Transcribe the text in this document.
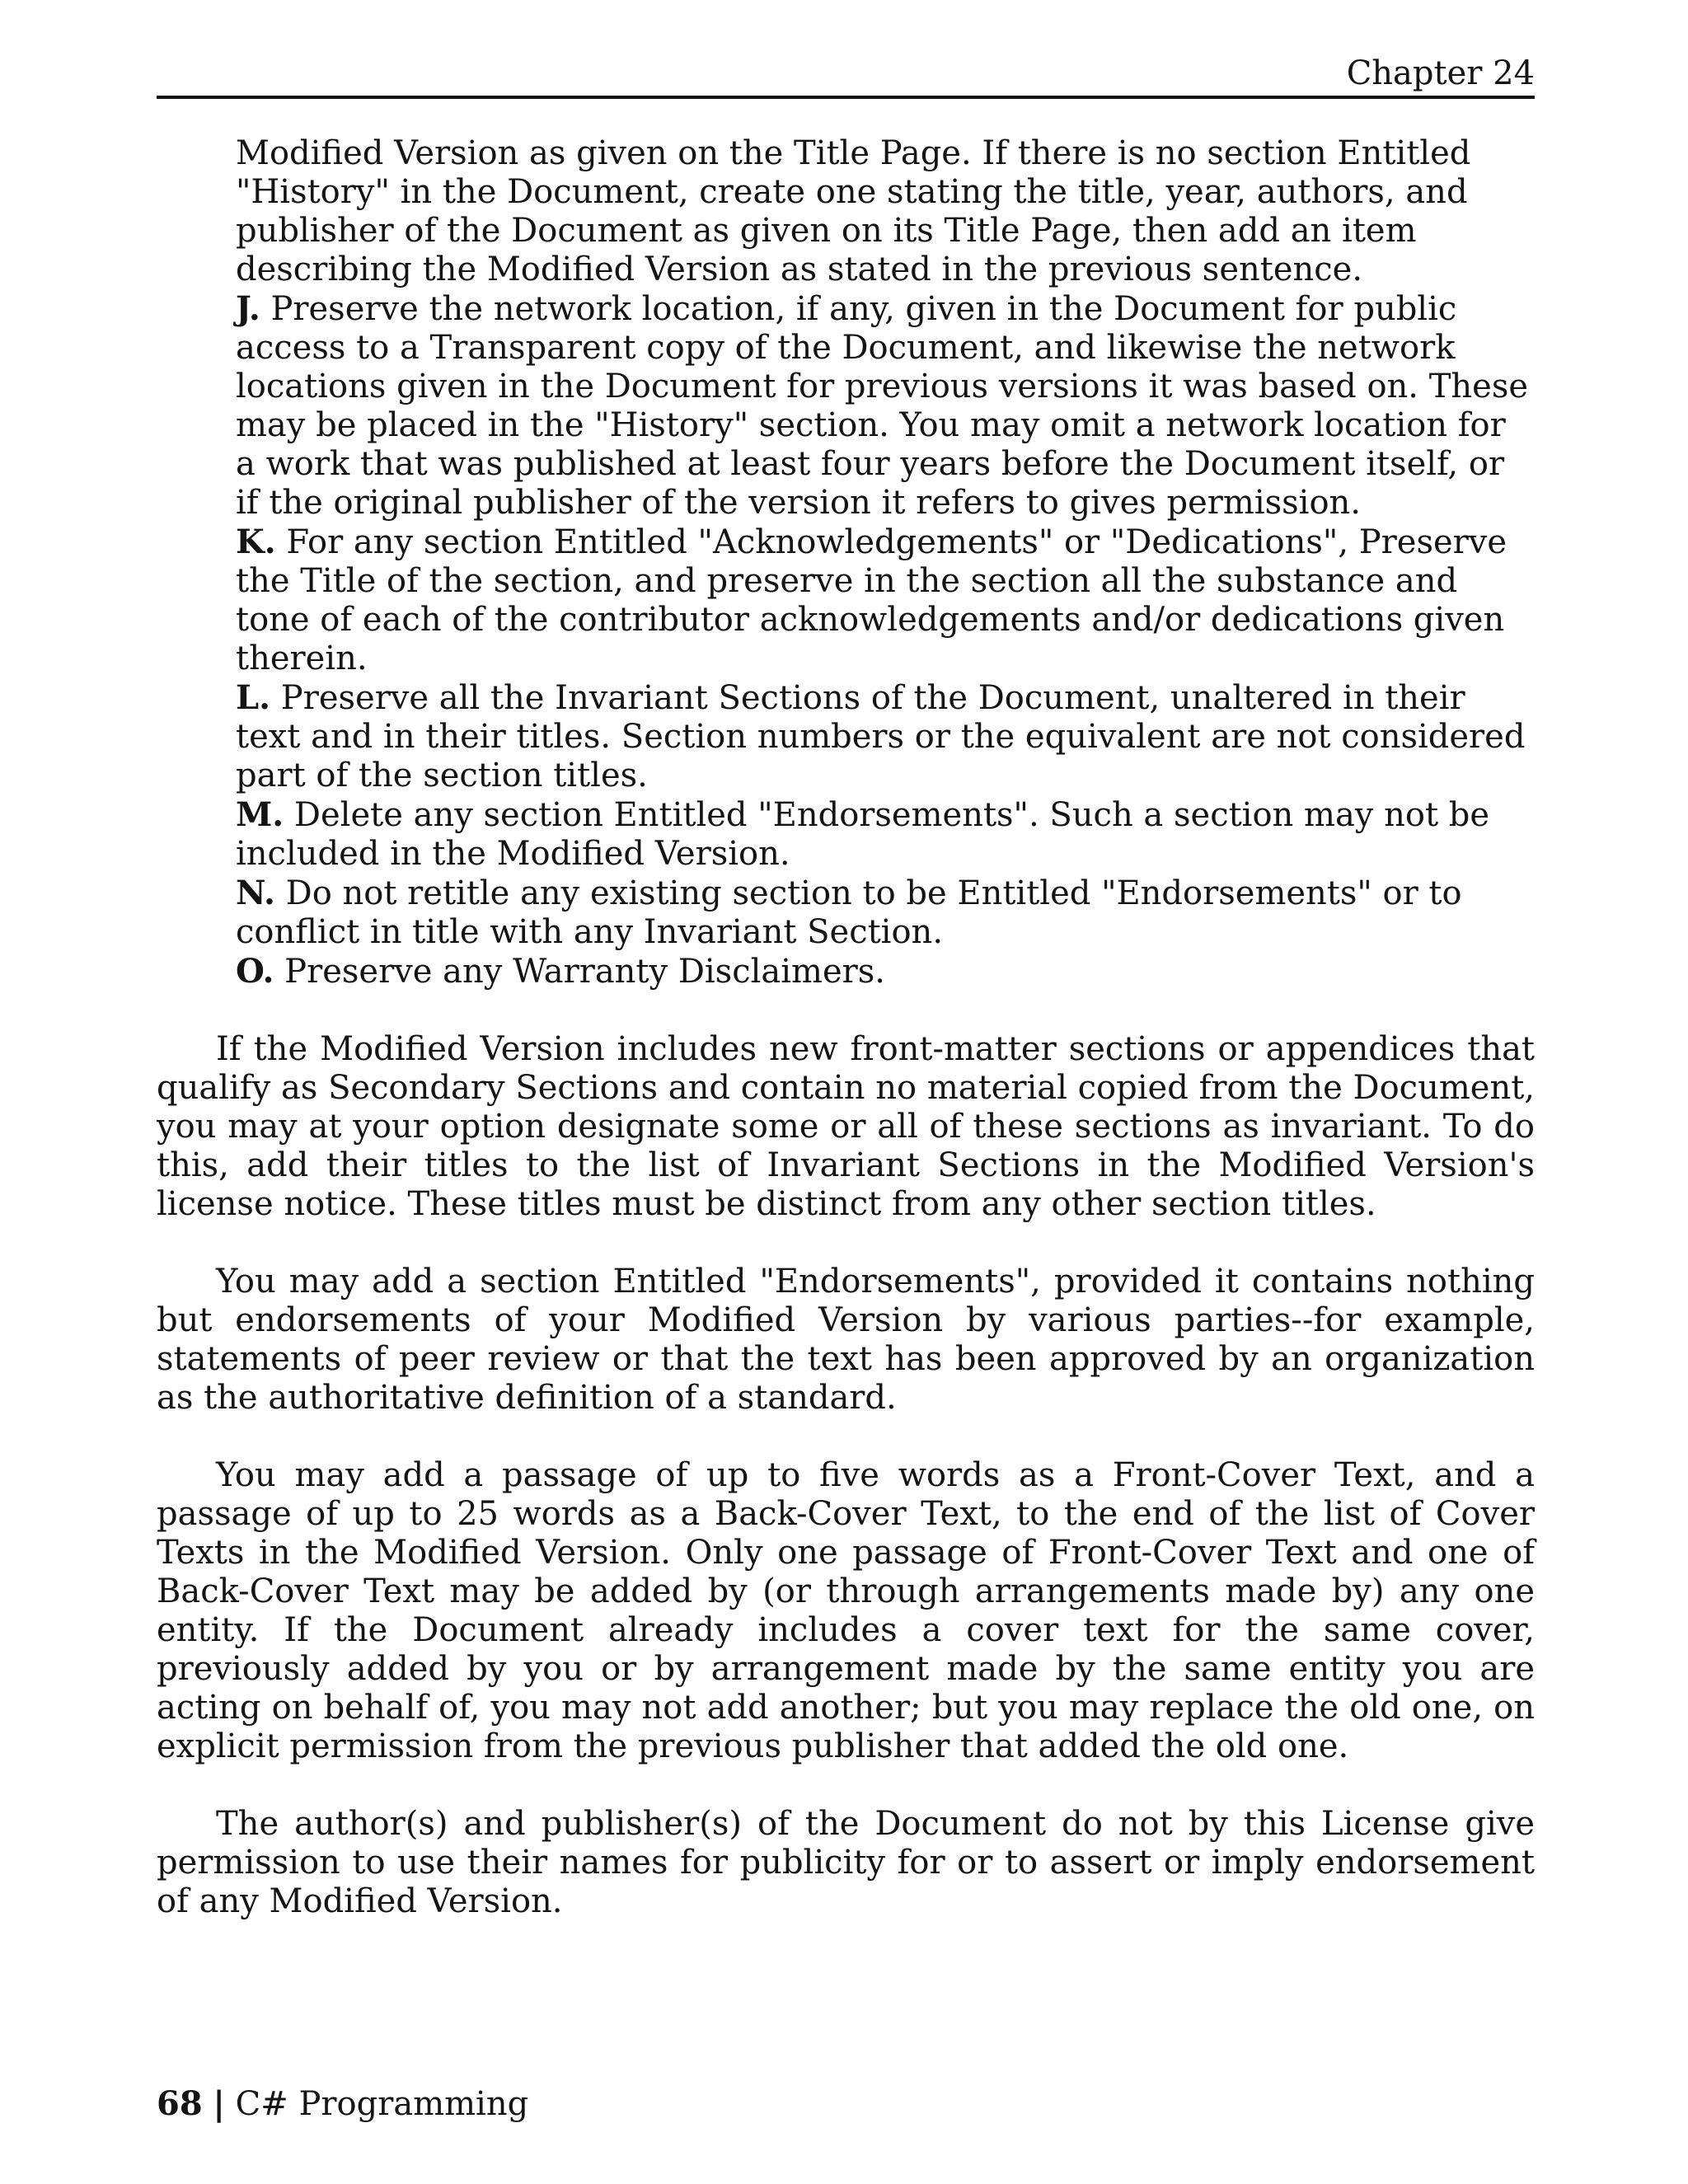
Chapter 24
Modified Version as given on the Title Page. If there is no section Entitled "History" in the Document, create one stating the title, year, authors, and publisher of the Document as given on its Title Page, then add an item describing the Modified Version as stated in the previous sentence.
J. Preserve the network location, if any, given in the Document for public access to a Transparent copy of the Document, and likewise the network locations given in the Document for previous versions it was based on. These may be placed in the "History" section. You may omit a network location for a work that was published at least four years before the Document itself, or if the original publisher of the version it refers to gives permission.
K. For any section Entitled "Acknowledgements" or "Dedications", Preserve the Title of the section, and preserve in the section all the substance and tone of each of the contributor acknowledgements and/or dedications given therein.
L. Preserve all the Invariant Sections of the Document, unaltered in their text and in their titles. Section numbers or the equivalent are not considered part of the section titles.
M. Delete any section Entitled "Endorsements". Such a section may not be included in the Modified Version.
N. Do not retitle any existing section to be Entitled "Endorsements" or to conflict in title with any Invariant Section.
O. Preserve any Warranty Disclaimers.

If the Modified Version includes new front-matter sections or appendices that qualify as Secondary Sections and contain no material copied from the Document, you may at your option designate some or all of these sections as invariant. To do this, add their titles to the list of Invariant Sections in the Modified Version's license notice. These titles must be distinct from any other section titles.

You may add a section Entitled "Endorsements", provided it contains nothing but endorsements of your Modified Version by various parties--for example, statements of peer review or that the text has been approved by an organization as the authoritative definition of a standard.

You may add a passage of up to five words as a Front-Cover Text, and a passage of up to 25 words as a Back-Cover Text, to the end of the list of Cover Texts in the Modified Version. Only one passage of Front-Cover Text and one of Back-Cover Text may be added by (or through arrangements made by) any one entity. If the Document already includes a cover text for the same cover, previously added by you or by arrangement made by the same entity you are acting on behalf of, you may not add another; but you may replace the old one, on explicit permission from the previous publisher that added the old one.

The author(s) and publisher(s) of the Document do not by this License give permission to use their names for publicity for or to assert or imply endorsement of any Modified Version.

68 | C# Programming
